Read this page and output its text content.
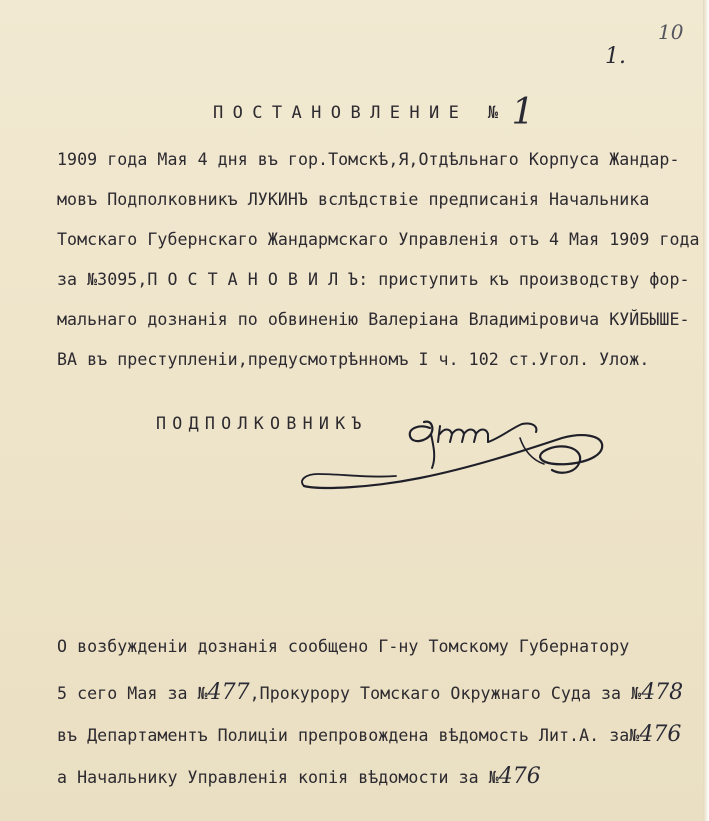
10
1.
ПОСТАНОВЛЕНИЕ № 1
1909 года Мая 4 дня въ гор.Томскѣ,Я,Отдѣльнаго Корпуса Жандар-
мовъ Подполковникъ ЛУКИНЪ вслѣдствіе предписанія Начальника
Томскаго Губернскаго Жандармскаго Управленія отъ 4 Мая 1909 года
за №3095,П О С Т А Н О В И Л Ъ: приступить къ производству фор-
мальнаго дознанія по обвиненію Валеріана Владиміровича КУЙБЫШЕ-
ВА въ преступленіи,предусмотрѣнномъ I ч. 102 ст.Угол. Улож.
ПОДПОЛКОВНИКЪ
О возбужденіи дознанія сообщено Г-ну Томскому Губернатору
5 сего Мая за №477,Прокурору Томскаго Окружнаго Суда за №478
въ Департаментъ Полиціи препровождена вѣдомость Лит.А. за№476
а Начальнику Управленія копія вѣдомости за №476
